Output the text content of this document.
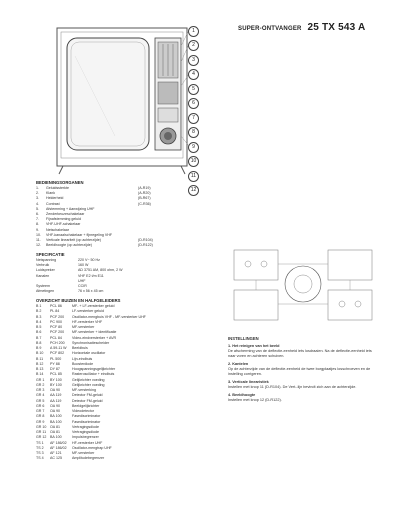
SUPER-ONTVANGER 25 TX 543 A
1
2
3
4
5
6
7
8
9
10
11
12
BEDIENINGSORGANEN
1.	Geluidssterkte	(A-R19)
2.	Klank	(A-R20)
3.	Helderheid	(B-R67)
4.	Contrast	(C-R36)
5.	Afstemming + Aanwijzing UHF
6.	Zenderkeuzeschakelaar
7.	Fijnafstemming geluid
8.	VHF-UHF-schakelaar
9.	Netschakelaar
10.	VHF-kanaalschakelaar + fijnregeling VHF
11.	Verticale lineariteit (op achterzijde)	(D-R104)
12.	Beeldhoogte (op achterzijde)	(D-R122)
SPECIFICATIE
Netspanning	220 V~ 50 Hz
Verbruik	160 W
Luidspreker	AD 3751 AM, 800 ohm, 2 W
Kanalen	VHF E2 t/m E11
UHF
Systeem	CCIR
Afmetingen	76 x 56 x 45 cm
OVERZICHT BUIZEN EN HALFGELEIDERS
B 1	PCL 86	MF- + LF-versterker geluid
B 2	PL 84	LF-versterker geluid
B 3	PCF 200	Oscillator-mengbuis VHF - MF-versterker UHF
B 4	PC 900	HF-versterker VHF
B 5	PCF 80	MF-versterker
B 6	PCF 200	MF-versterker + identificatie
B 7	PCL 84	Video-eindversterker + AVR
B 8	PCH 200	Synchronisatiescheider
B 9	A 59-11 W	Beeldbuis
B 10	PCF 802	Horizontale oscillator
B 11	PL 500	Lijn-eindbuis
B 12	PY 88	Boosterdiode
B 13	DY 87	Hoogspanningsgelijkrichter
B 14	PCL 85	Rasteroscillator + eindbuis
GR 1	BY 100	Gelijkrichter voeding
GR 2	BY 100	Gelijkrichter voeding
GR 3	OA 90	MF-versterking
GR 4	AA 119	Detector FM-geluid
GR 5	AA 119	Detector FM-geluid
GR 6	OA 90	Beeldgelijkrichter
GR 7	OA 90	Videodetector
GR 8	BA 100	Fasediscriminator
GR 9	BA 100	Fasediscriminator
GR 10	OA 81	Vertragingsdiode
GR 11	OA 81	Vertragingsdiode
GR 12	BA 100	Impulsbegrenzer
TS 1	AF 186/02	HF-versterker UHF
TS 2	AF 186/02	Oscillator-mengtrap UHF
TS 3	AF 121	MF-versterker
TS 4	AC 125	Amplitudebegrenzer
INSTELLINGEN
1. Het reinigen van het beeld
De afscherming van de deflectie-eenheid iets losdraaien. Na de deflectie-eenheid iets naar voren en achteren schuiven.
2. Kantelen
Op de achterzijde van de deflectie-eenheid de twee borgplaatjes losschroeven en de instelling corrigeren.
3. Verticale linearistiek
Instellen met knop 11 (D-R104). De Vert.-lijn bevindt zich aan de achterzijde.
4. Beeldhoogte
Instellen met knop 12 (D-R122).
